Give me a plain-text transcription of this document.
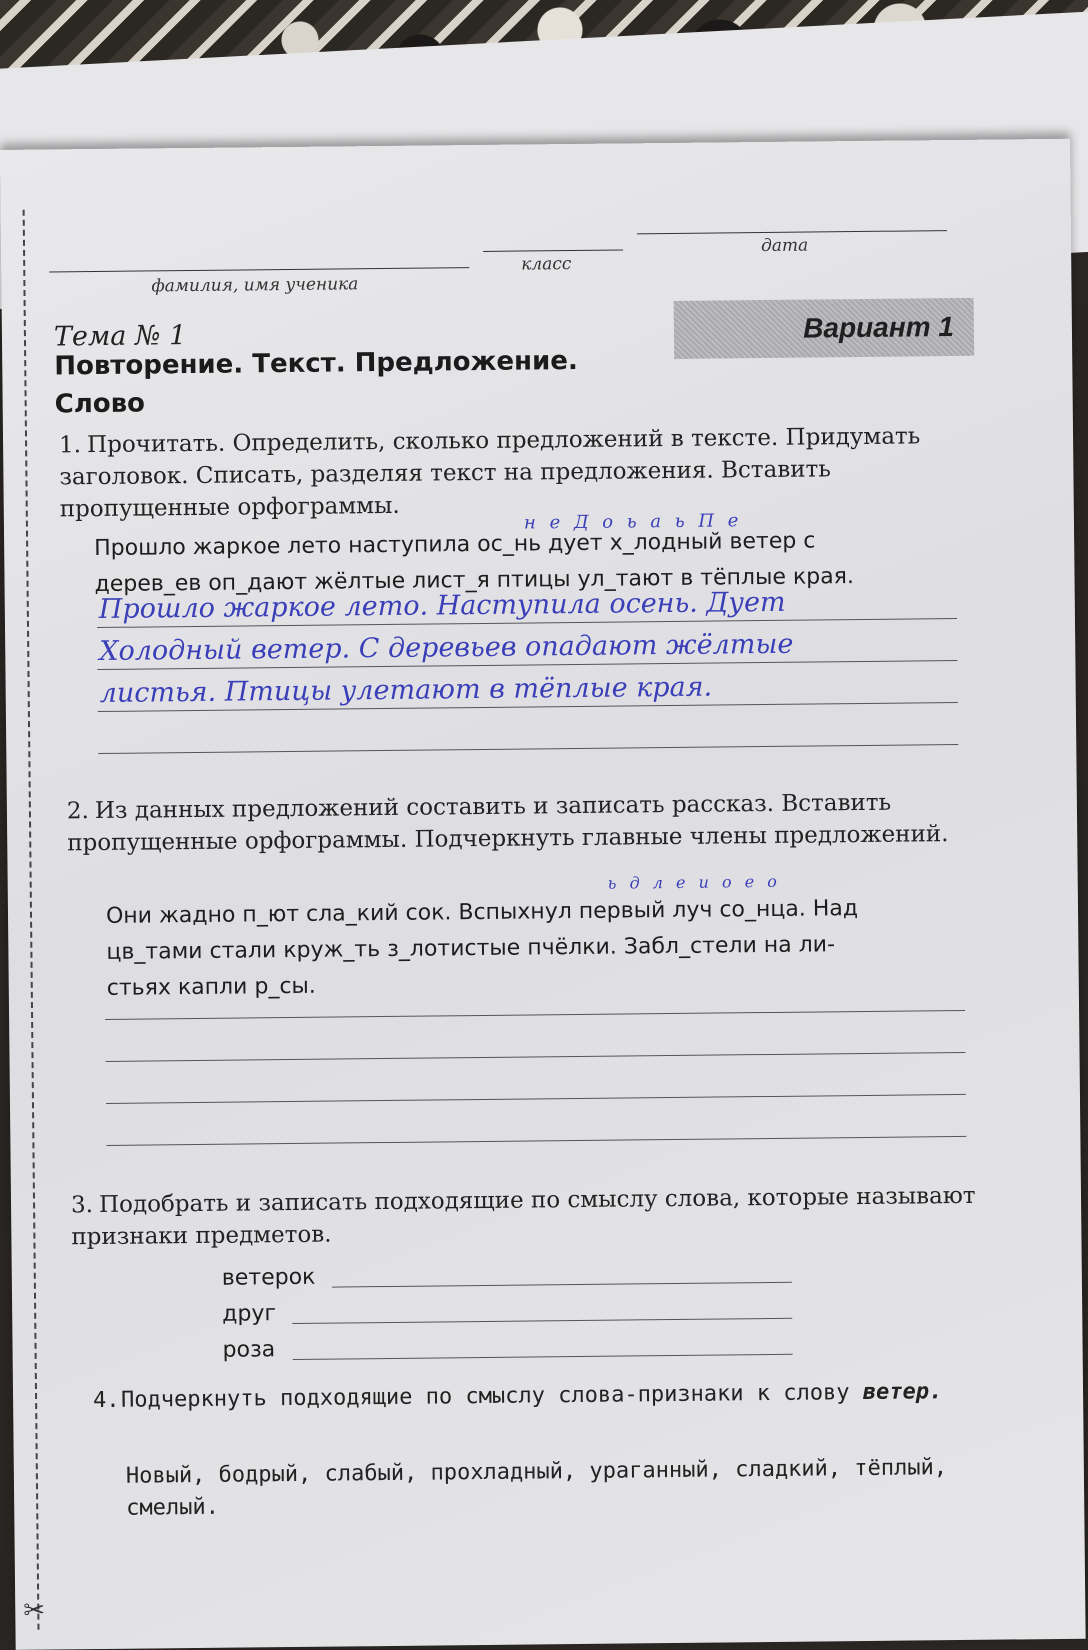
✂
фамилия, имя ученика
класс
дата
Тема № 1
Повторение. Текст. Предложение. Слово
Вариант 1
1. Прочитать. Определить, сколько предложений в тексте. Придумать заголовок. Списать, разделяя текст на предложения. Вставить пропущенные орфограммы.
Прошло жаркое лето наступила ос_нь дует х_лодный ветер с
дерев_ев оп_дают жёлтые лист_я птицы ул_тают в тёплые края.
н е Д о ь а ь П е
Прошло жаркое лето. Наступила осень. Дует
Холодный ветер. С деревьев опадают жёлтые
листья. Птицы улетают в тёплые края.
2. Из данных предложений составить и записать рассказ. Вставить пропущенные орфограммы. Подчеркнуть главные члены предложений.
Они жадно п_ют сла_кий сок. Вспыхнул первый луч со_нца. Над
цв_тами стали круж_ть з_лотистые пчёлки. Забл_стели на ли-
стьях капли р_сы.
ь д л е и о е о
3. Подобрать и записать подходящие по смыслу слова, которые называют признаки предметов.
ветерок
друг
роза
4.Подчеркнуть подходящие по смыслу слова-признаки к слову ветер.
Новый, бодрый, слабый, прохладный, ураганный, сладкий, тёплый, смелый.
